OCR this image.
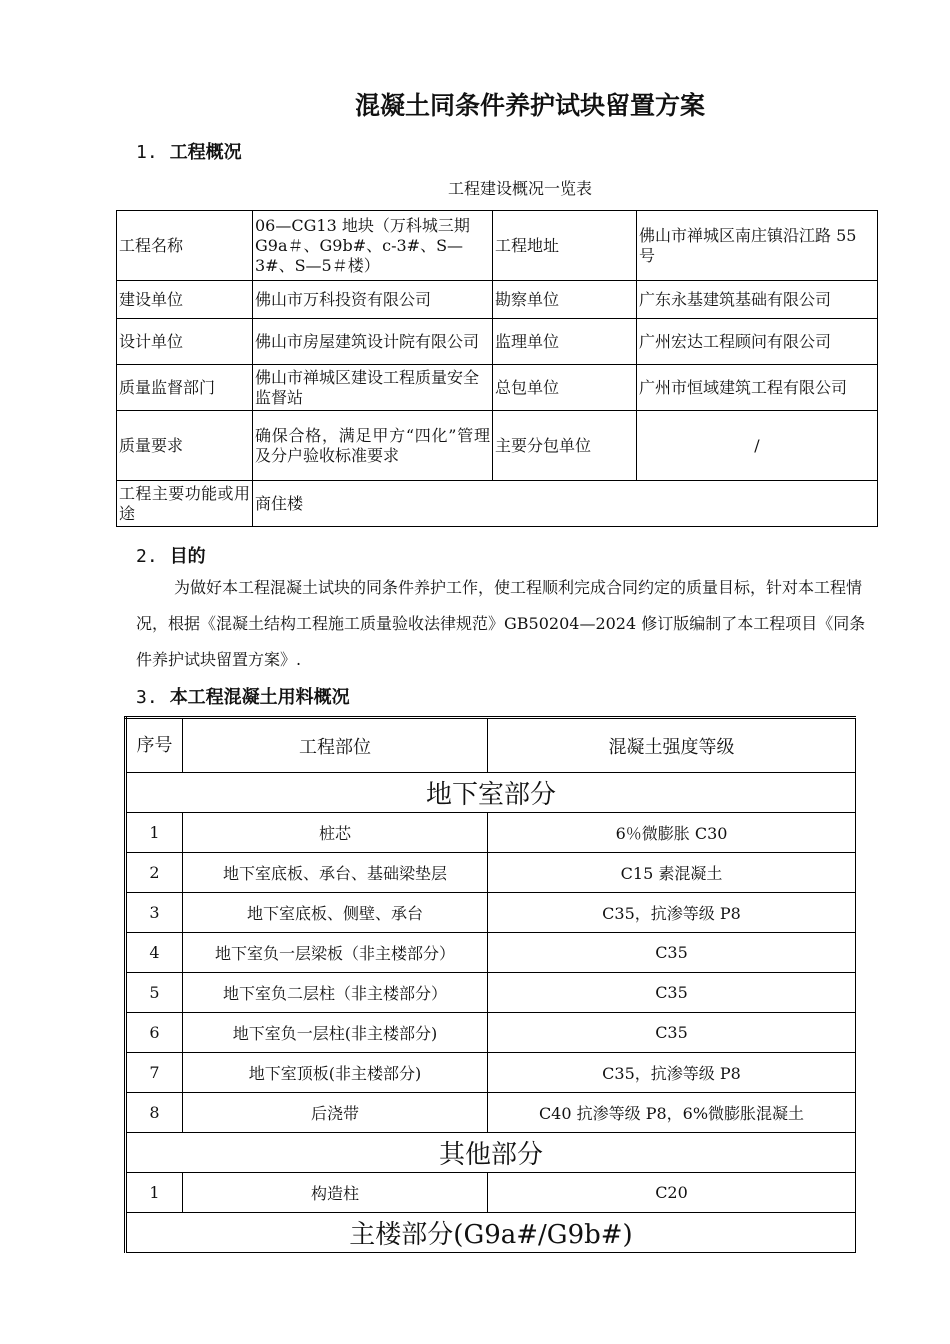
混凝土同条件养护试块留置方案
1. 工程概况
工程建设概况一览表
工程名称	06—CG13 地块（万科城三期 G9a＃、G9b#、c-3#、S—3#、S—5＃楼）	工程地址	佛山市禅城区南庄镇沿江路 55 号
建设单位	佛山市万科投资有限公司	勘察单位	广东永基建筑基础有限公司
设计单位	佛山市房屋建筑设计院有限公司	监理单位	广州宏达工程顾问有限公司
质量监督部门	佛山市禅城区建设工程质量安全监督站	总包单位	广州市恒域建筑工程有限公司
质量要求	确保合格，满足甲方“四化”管理及分户验收标准要求	主要分包单位	/
工程主要功能或用途	商住楼		
2. 目的
为做好本工程混凝土试块的同条件养护工作，使工程顺利完成合同约定的质量目标，针对本工程情况，根据《混凝土结构工程施工质量验收法律规范》GB50204—2024 修订版编制了本工程项目《同条件养护试块留置方案》.
3. 本工程混凝土用料概况
序号	工程部位	混凝土强度等级
地下室部分		
1	桩芯	6％微膨胀 C30
2	地下室底板、承台、基础梁垫层	C15 素混凝土
3	地下室底板、侧壁、承台	C35，抗渗等级 P8
4	地下室负一层梁板（非主楼部分）	C35
5	地下室负二层柱（非主楼部分）	C35
6	地下室负一层柱(非主楼部分)	C35
7	地下室顶板(非主楼部分)	C35，抗渗等级 P8
8	后浇带	C40 抗渗等级 P8，6%微膨胀混凝土
其他部分		
1	构造柱	C20
主楼部分(G9a#/G9b#)		
